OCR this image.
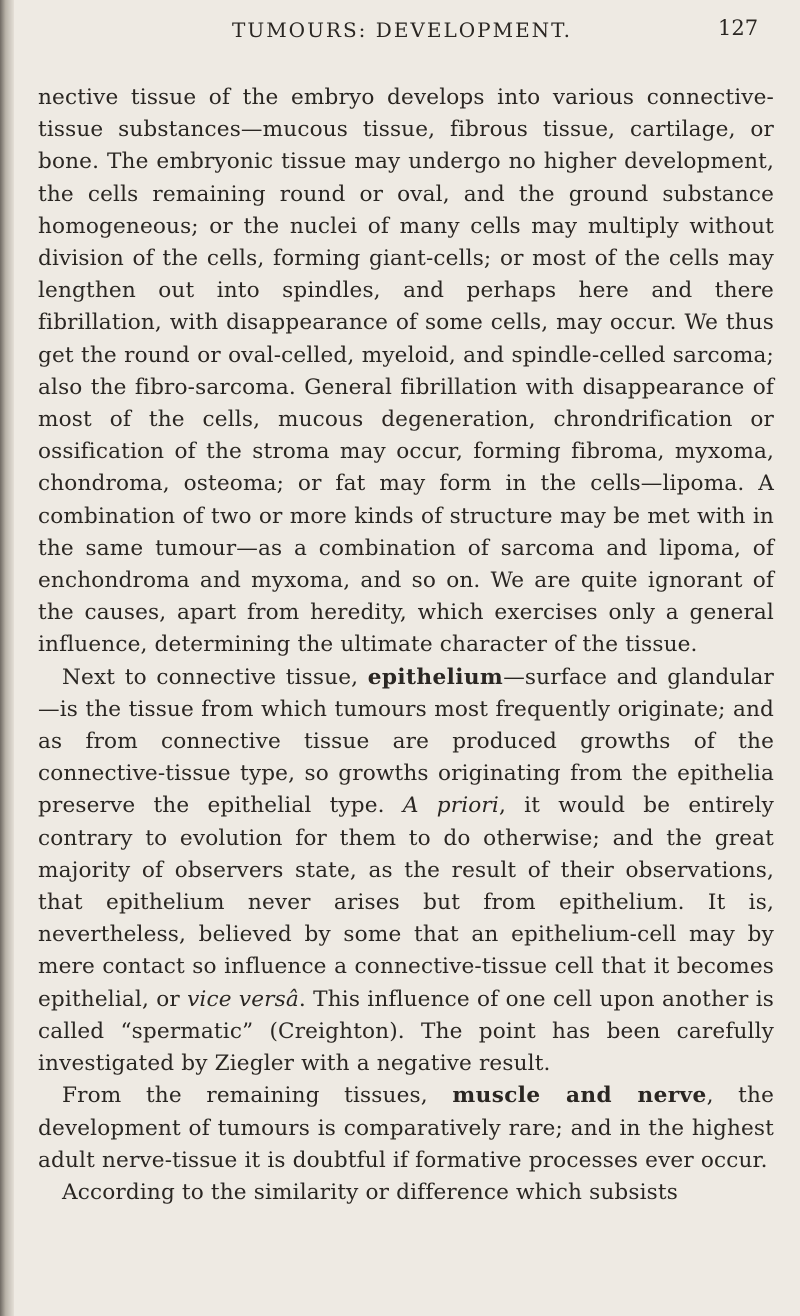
TUMOURS: DEVELOPMENT.	127

nective tissue of the embryo develops into various connective-tissue substances—mucous tissue, fibrous tissue, cartilage, or bone. The embryonic tissue may undergo no higher development, the cells remaining round or oval, and the ground substance homogeneous; or the nuclei of many cells may multiply without division of the cells, forming giant-cells; or most of the cells may lengthen out into spindles, and perhaps here and there fibrillation, with disappearance of some cells, may occur. We thus get the round or oval-celled, myeloid, and spindle-celled sarcoma; also the fibro-sarcoma. General fibrillation with disappearance of most of the cells, mucous degeneration, chrondrification or ossification of the stroma may occur, forming fibroma, myxoma, chondroma, osteoma; or fat may form in the cells—lipoma. A combination of two or more kinds of structure may be met with in the same tumour—as a combination of sarcoma and lipoma, of enchondroma and myxoma, and so on. We are quite ignorant of the causes, apart from heredity, which exercises only a general influence, determining the ultimate character of the tissue.

Next to connective tissue, epithelium—surface and glandular—is the tissue from which tumours most frequently originate; and as from connective tissue are produced growths of the connective-tissue type, so growths originating from the epithelia preserve the epithelial type. A priori, it would be entirely contrary to evolution for them to do otherwise; and the great majority of observers state, as the result of their observations, that epithelium never arises but from epithelium. It is, nevertheless, believed by some that an epithelium-cell may by mere contact so influence a connective-tissue cell that it becomes epithelial, or vice versâ. This influence of one cell upon another is called “spermatic” (Creighton). The point has been carefully investigated by Ziegler with a negative result.

From the remaining tissues, muscle and nerve, the development of tumours is comparatively rare; and in the highest adult nerve-tissue it is doubtful if formative processes ever occur.

According to the similarity or difference which subsists
